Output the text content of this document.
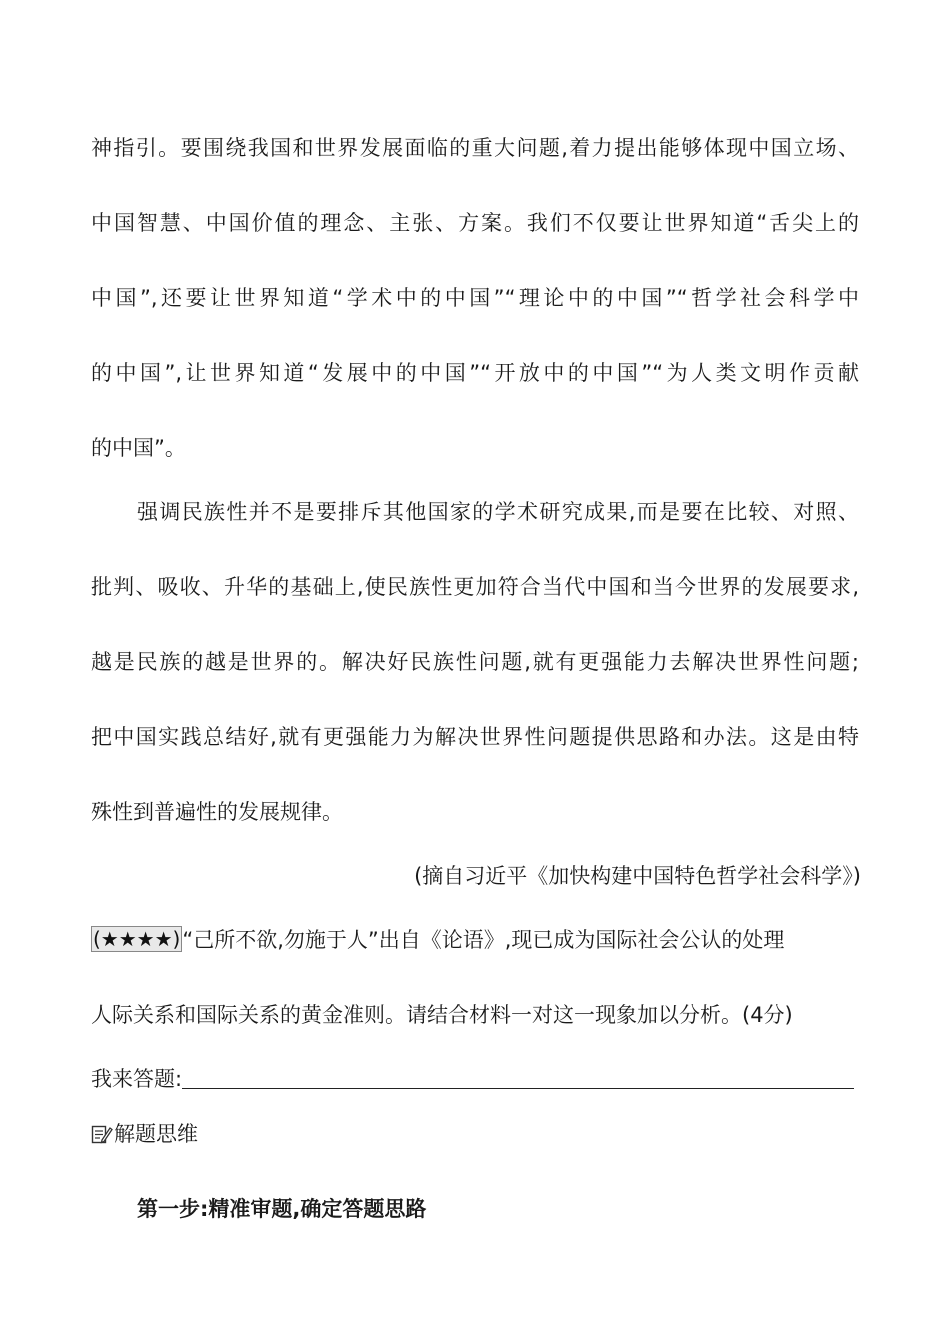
神指引。要围绕我国和世界发展面临的重大问题,着力提出能够体现中国立场、
中国智慧、中国价值的理念、主张、方案。我们不仅要让世界知道“舌尖上的
中国”,还要让世界知道“学术中的中国”“理论中的中国”“哲学社会科学中
的中国”,让世界知道“发展中的中国”“开放中的中国”“为人类文明作贡献
的中国”。
强调民族性并不是要排斥其他国家的学术研究成果,而是要在比较、对照、
批判、吸收、升华的基础上,使民族性更加符合当代中国和当今世界的发展要求,
越是民族的越是世界的。解决好民族性问题,就有更强能力去解决世界性问题;
把中国实践总结好,就有更强能力为解决世界性问题提供思路和办法。这是由特
殊性到普遍性的发展规律。
(摘自习近平《加快构建中国特色哲学社会科学》)
(★★★★)“己所不欲,勿施于人”出自《论语》,现已成为国际社会公认的处理
人际关系和国际关系的黄金准则。请结合材料一对这一现象加以分析。(4分)
我来答题:
解题思维
第一步:精准审题,确定答题思路
